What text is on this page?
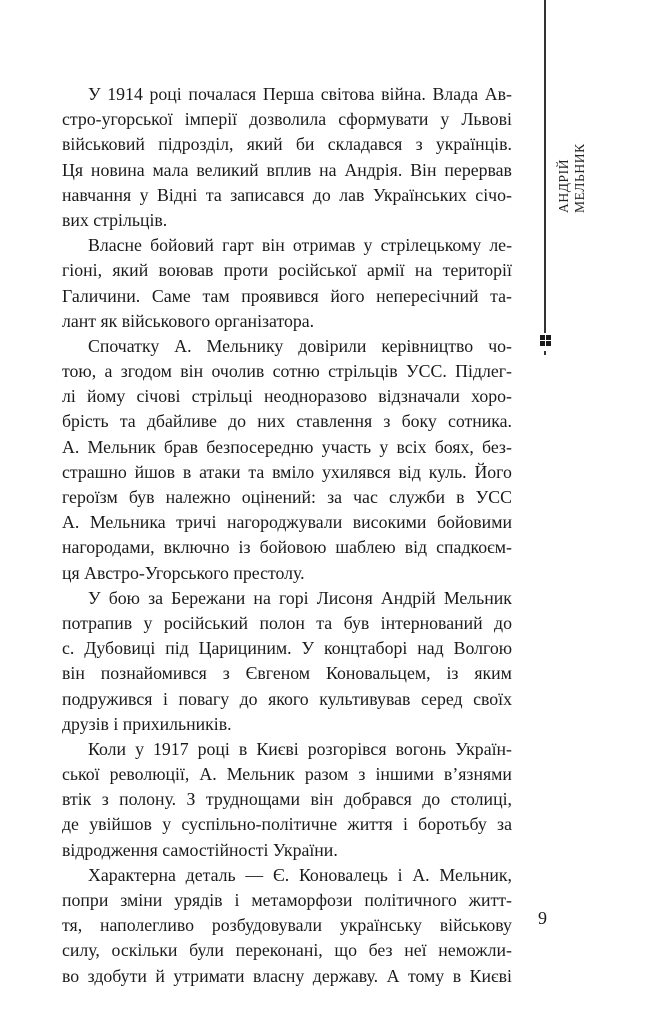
АНДРІЙ МЕЛЬНИК
У 1914 році почалася Перша світова війна. Влада Ав-
стро-угорської імперії дозволила сформувати у Львові
військовий підрозділ, який би складався з українців.
Ця новина мала великий вплив на Андрія. Він перервав
навчання у Відні та записався до лав Українських січо-
вих стрільців.
Власне бойовий гарт він отримав у стрілецькому ле-
гіоні, який воював проти російської армії на території
Галичини. Саме там проявився його непересічний та-
лант як військового організатора.
Спочатку А. Мельнику довірили керівництво чо-
тою, а згодом він очолив сотню стрільців УСС. Підлег-
лі йому січові стрільці неодноразово відзначали хоро-
брість та дбайливе до них ставлення з боку сотника.
А. Мельник брав безпосередню участь у всіх боях, без-
страшно йшов в атаки та вміло ухилявся від куль. Його
героїзм був належно оцінений: за час служби в УСС
А. Мельника тричі нагороджували високими бойовими
нагородами, включно із бойовою шаблею від спадкоєм-
ця Австро-Угорського престолу.
У бою за Бережани на горі Лисоня Андрій Мельник
потрапив у російський полон та був інтернований до
с. Дубовиці під Царициним. У концтаборі над Волгою
він познайомився з Євгеном Коновальцем, із яким
подружився і повагу до якого культивував серед своїх
друзів і прихильників.
Коли у 1917 році в Києві розгорівся вогонь Україн-
ської революції, А. Мельник разом з іншими в’язнями
втік з полону. З труднощами він добрався до столиці,
де увійшов у суспільно-політичне життя і боротьбу за
відродження самостійності України.
Характерна деталь — Є. Коновалець і А. Мельник,
попри зміни урядів і метаморфози політичного житт-
тя, наполегливо розбудовували українську військову
силу, оскільки були переконані, що без неї неможли-
во здобути й утримати власну державу. А тому в Києві
9
